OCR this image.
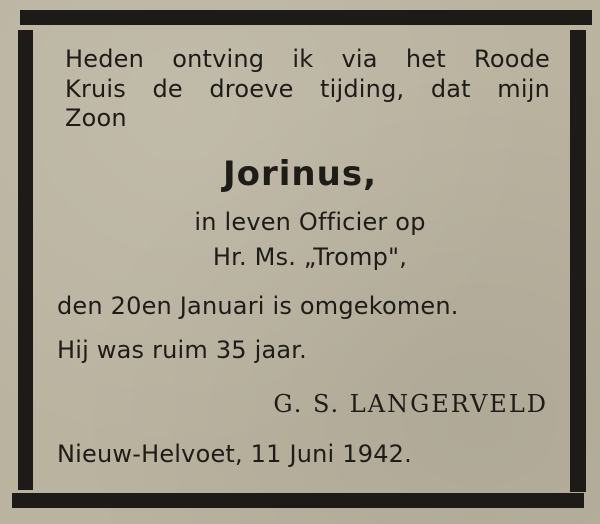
Heden ontving ik via het Roode
Kruis de droeve tijding, dat mijn
Zoon
Jorinus,
in leven Officier op
Hr. Ms. „Tromp",
den 20en Januari is omgekomen.
Hij was ruim 35 jaar.
G. S. LANGERVELD
Nieuw-Helvoet, 11 Juni 1942.
